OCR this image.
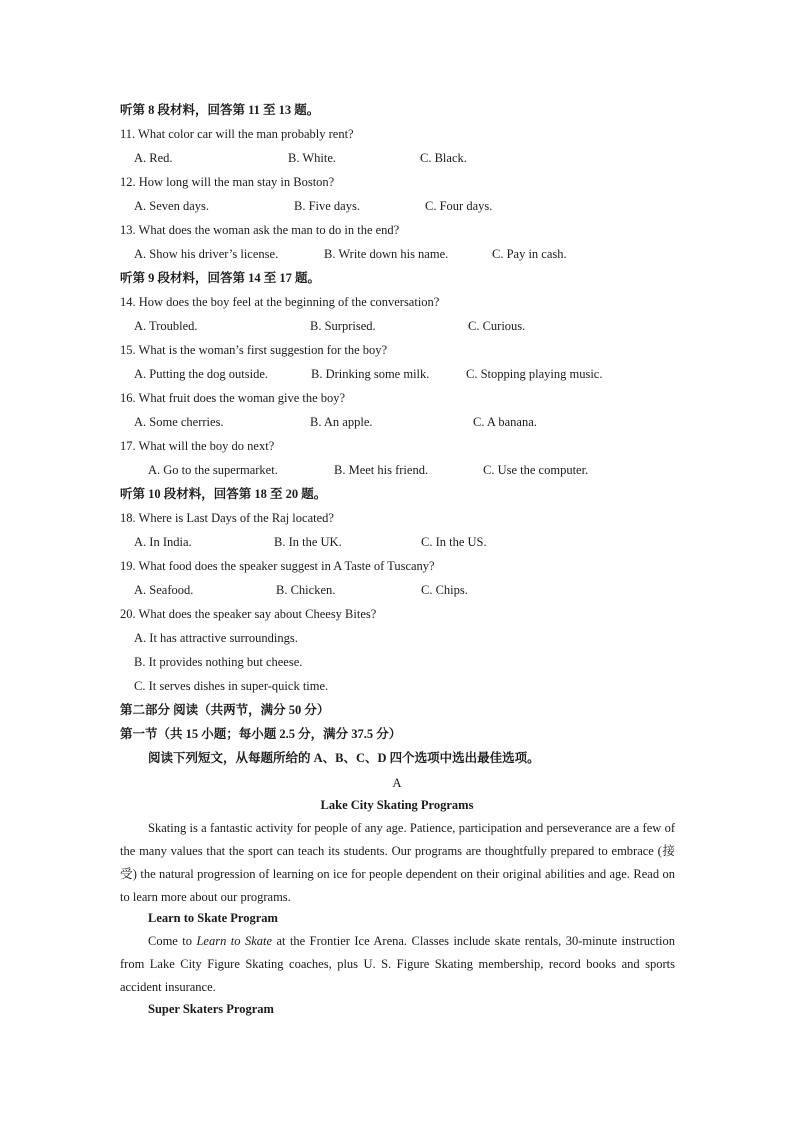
听第 8 段材料，回答第 11 至 13 题。
11. What color car will the man probably rent?
A. Red.	B. White.	C. Black.
12. How long will the man stay in Boston?
A. Seven days.	B. Five days.	C. Four days.
13. What does the woman ask the man to do in the end?
A. Show his driver’s license.	B. Write down his name.	C. Pay in cash.
听第 9 段材料，回答第 14 至 17 题。
14. How does the boy feel at the beginning of the conversation?
A. Troubled.	B. Surprised.	C. Curious.
15. What is the woman’s first suggestion for the boy?
A. Putting the dog outside.	B. Drinking some milk.	C. Stopping playing music.
16. What fruit does the woman give the boy?
A. Some cherries.	B. An apple.	C. A banana.
17. What will the boy do next?
A. Go to the supermarket.	B. Meet his friend.	C. Use the computer.
听第 10 段材料，回答第 18 至 20 题。
18. Where is Last Days of the Raj located?
A. In India.	B. In the UK.	C. In the US.
19. What food does the speaker suggest in A Taste of Tuscany?
A. Seafood.	B. Chicken.	C. Chips.
20. What does the speaker say about Cheesy Bites?
A. It has attractive surroundings.
B. It provides nothing but cheese.
C. It serves dishes in super-quick time.
第二部分 阅读（共两节，满分 50 分）
第一节（共 15 小题；每小题 2.5 分，满分 37.5 分）
阅读下列短文，从每题所给的 A、B、C、D 四个选项中选出最佳选项。
A
Lake City Skating Programs
Skating is a fantastic activity for people of any age. Patience, participation and perseverance are a few of the many values that the sport can teach its students. Our programs are thoughtfully prepared to embrace (接受) the natural progression of learning on ice for people dependent on their original abilities and age. Read on to learn more about our programs.
Learn to Skate Program
Come to Learn to Skate at the Frontier Ice Arena. Classes include skate rentals, 30-minute instruction from Lake City Figure Skating coaches, plus U. S. Figure Skating membership, record books and sports accident insurance.
Super Skaters Program
